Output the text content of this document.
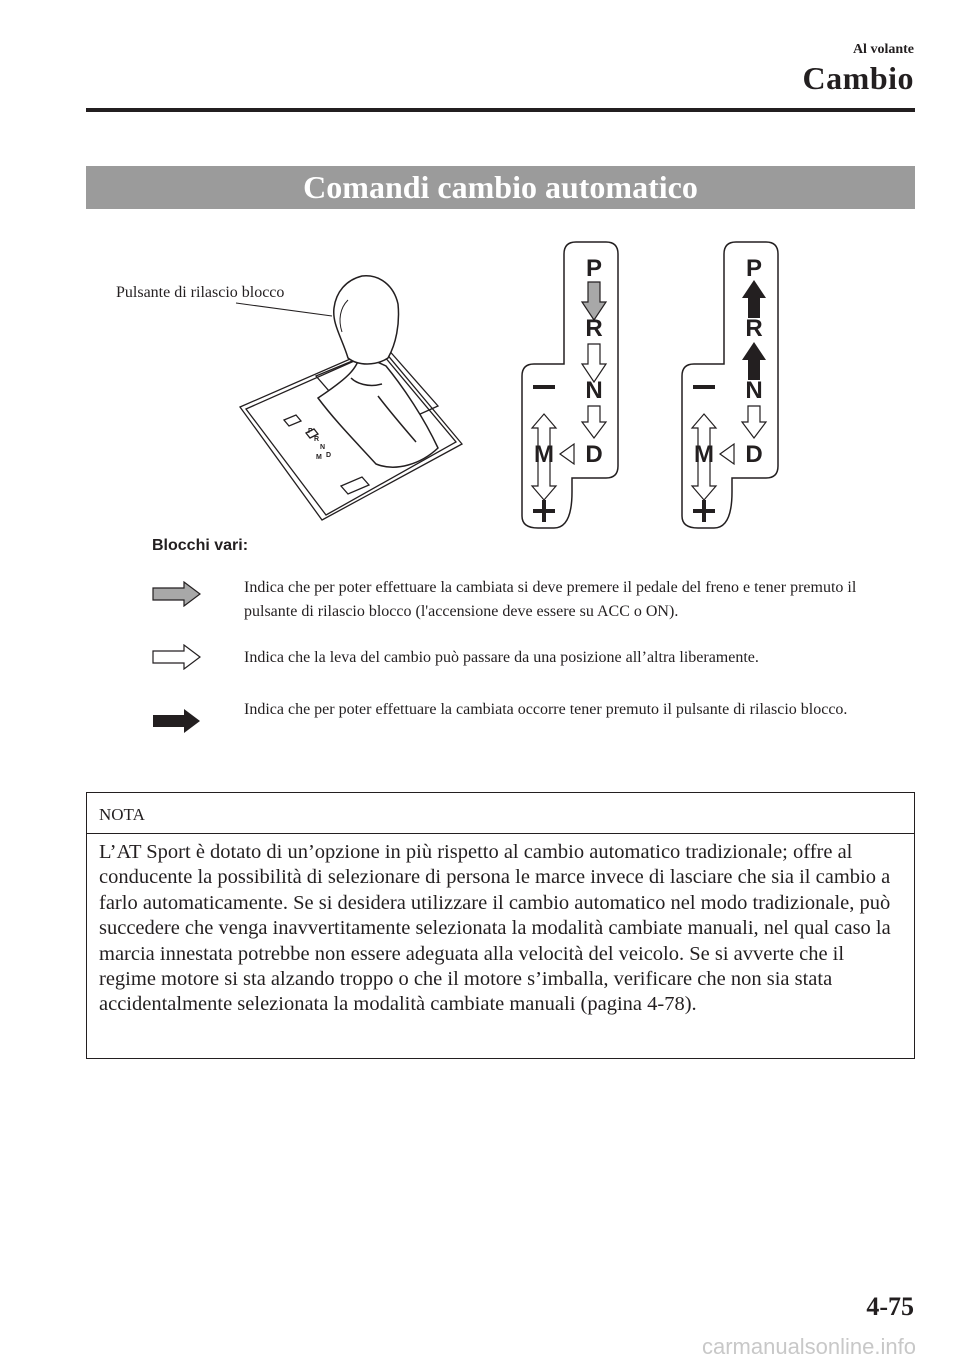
Al volante
Cambio
Comandi cambio automatico
Pulsante di rilascio blocco
P
R
N
D
M
P
R
N
D
M
P
R
N
D
M
Blocchi vari:
Indica che per poter effettuare la cambiata si deve premere il pedale del freno e tener premuto il pulsante di rilascio blocco (l'accensione deve essere su ACC o ON).
Indica che la leva del cambio può passare da una posizione all’altra liberamente.
Indica che per poter effettuare la cambiata occorre tener premuto il pulsante di rilascio blocco.
NOTA
L’AT Sport è dotato di un’opzione in più rispetto al cambio automatico tradizionale; offre al conducente la possibilità di selezionare di persona le marce invece di lasciare che sia il cambio a farlo automaticamente. Se si desidera utilizzare il cambio automatico nel modo tradizionale, può succedere che venga inavvertitamente selezionata la modalità cambiate manuali, nel qual caso la marcia innestata potrebbe non essere adeguata alla velocità del veicolo. Se si avverte che il regime motore si sta alzando troppo o che il motore s’imballa, verificare che non sia stata accidentalmente selezionata la modalità cambiate manuali (pagina 4-78).
4-75
carmanualsonline.info
